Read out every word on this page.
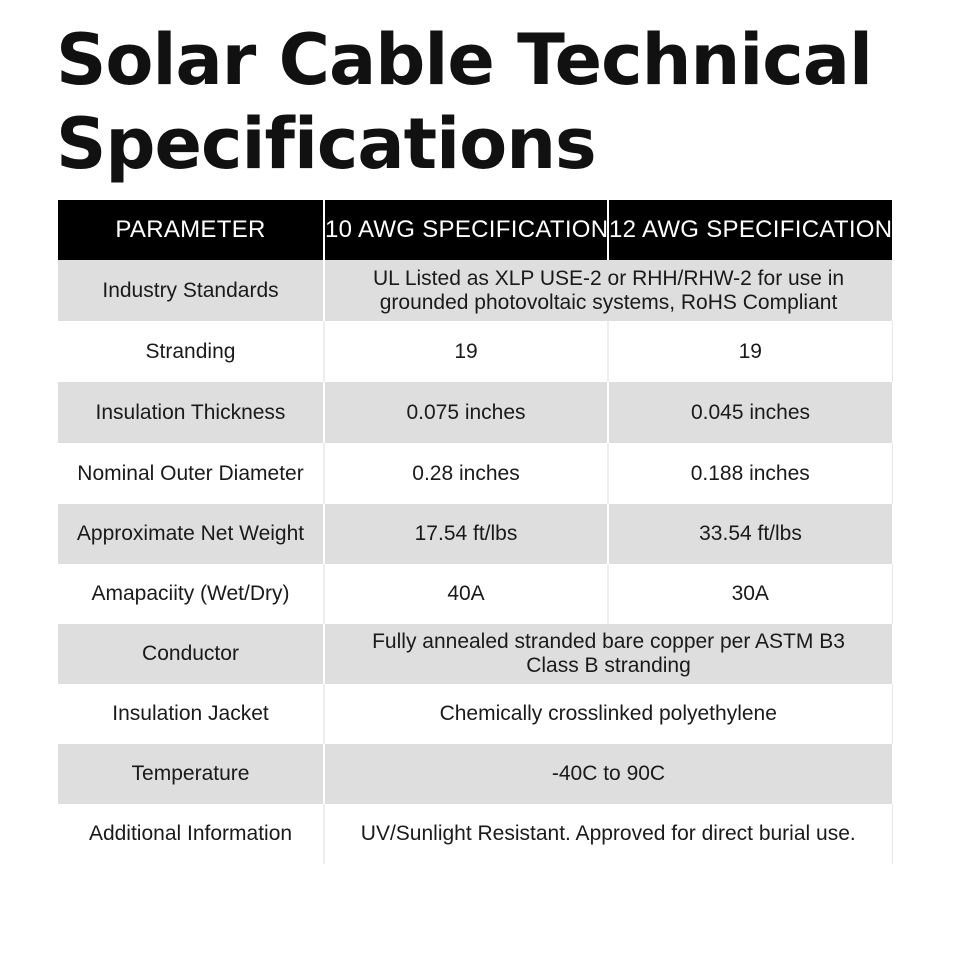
Solar Cable Technical Specifications
PARAMETER	10 AWG SPECIFICATION	12 AWG SPECIFICATION
Industry Standards	UL Listed as XLP USE-2 or RHH/RHW-2 for use in grounded photovoltaic systems, RoHS Compliant	
Stranding	19	19
Insulation Thickness	0.075 inches	0.045 inches
Nominal Outer Diameter	0.28 inches	0.188 inches
Approximate Net Weight	17.54 ft/lbs	33.54 ft/lbs
Amapaciity (Wet/Dry)	40A	30A
Conductor	Fully annealed stranded bare copper per ASTM B3 Class B stranding	
Insulation Jacket	Chemically crosslinked polyethylene	
Temperature	-40C to 90C	
Additional Information	UV/Sunlight Resistant. Approved for direct burial use.	
